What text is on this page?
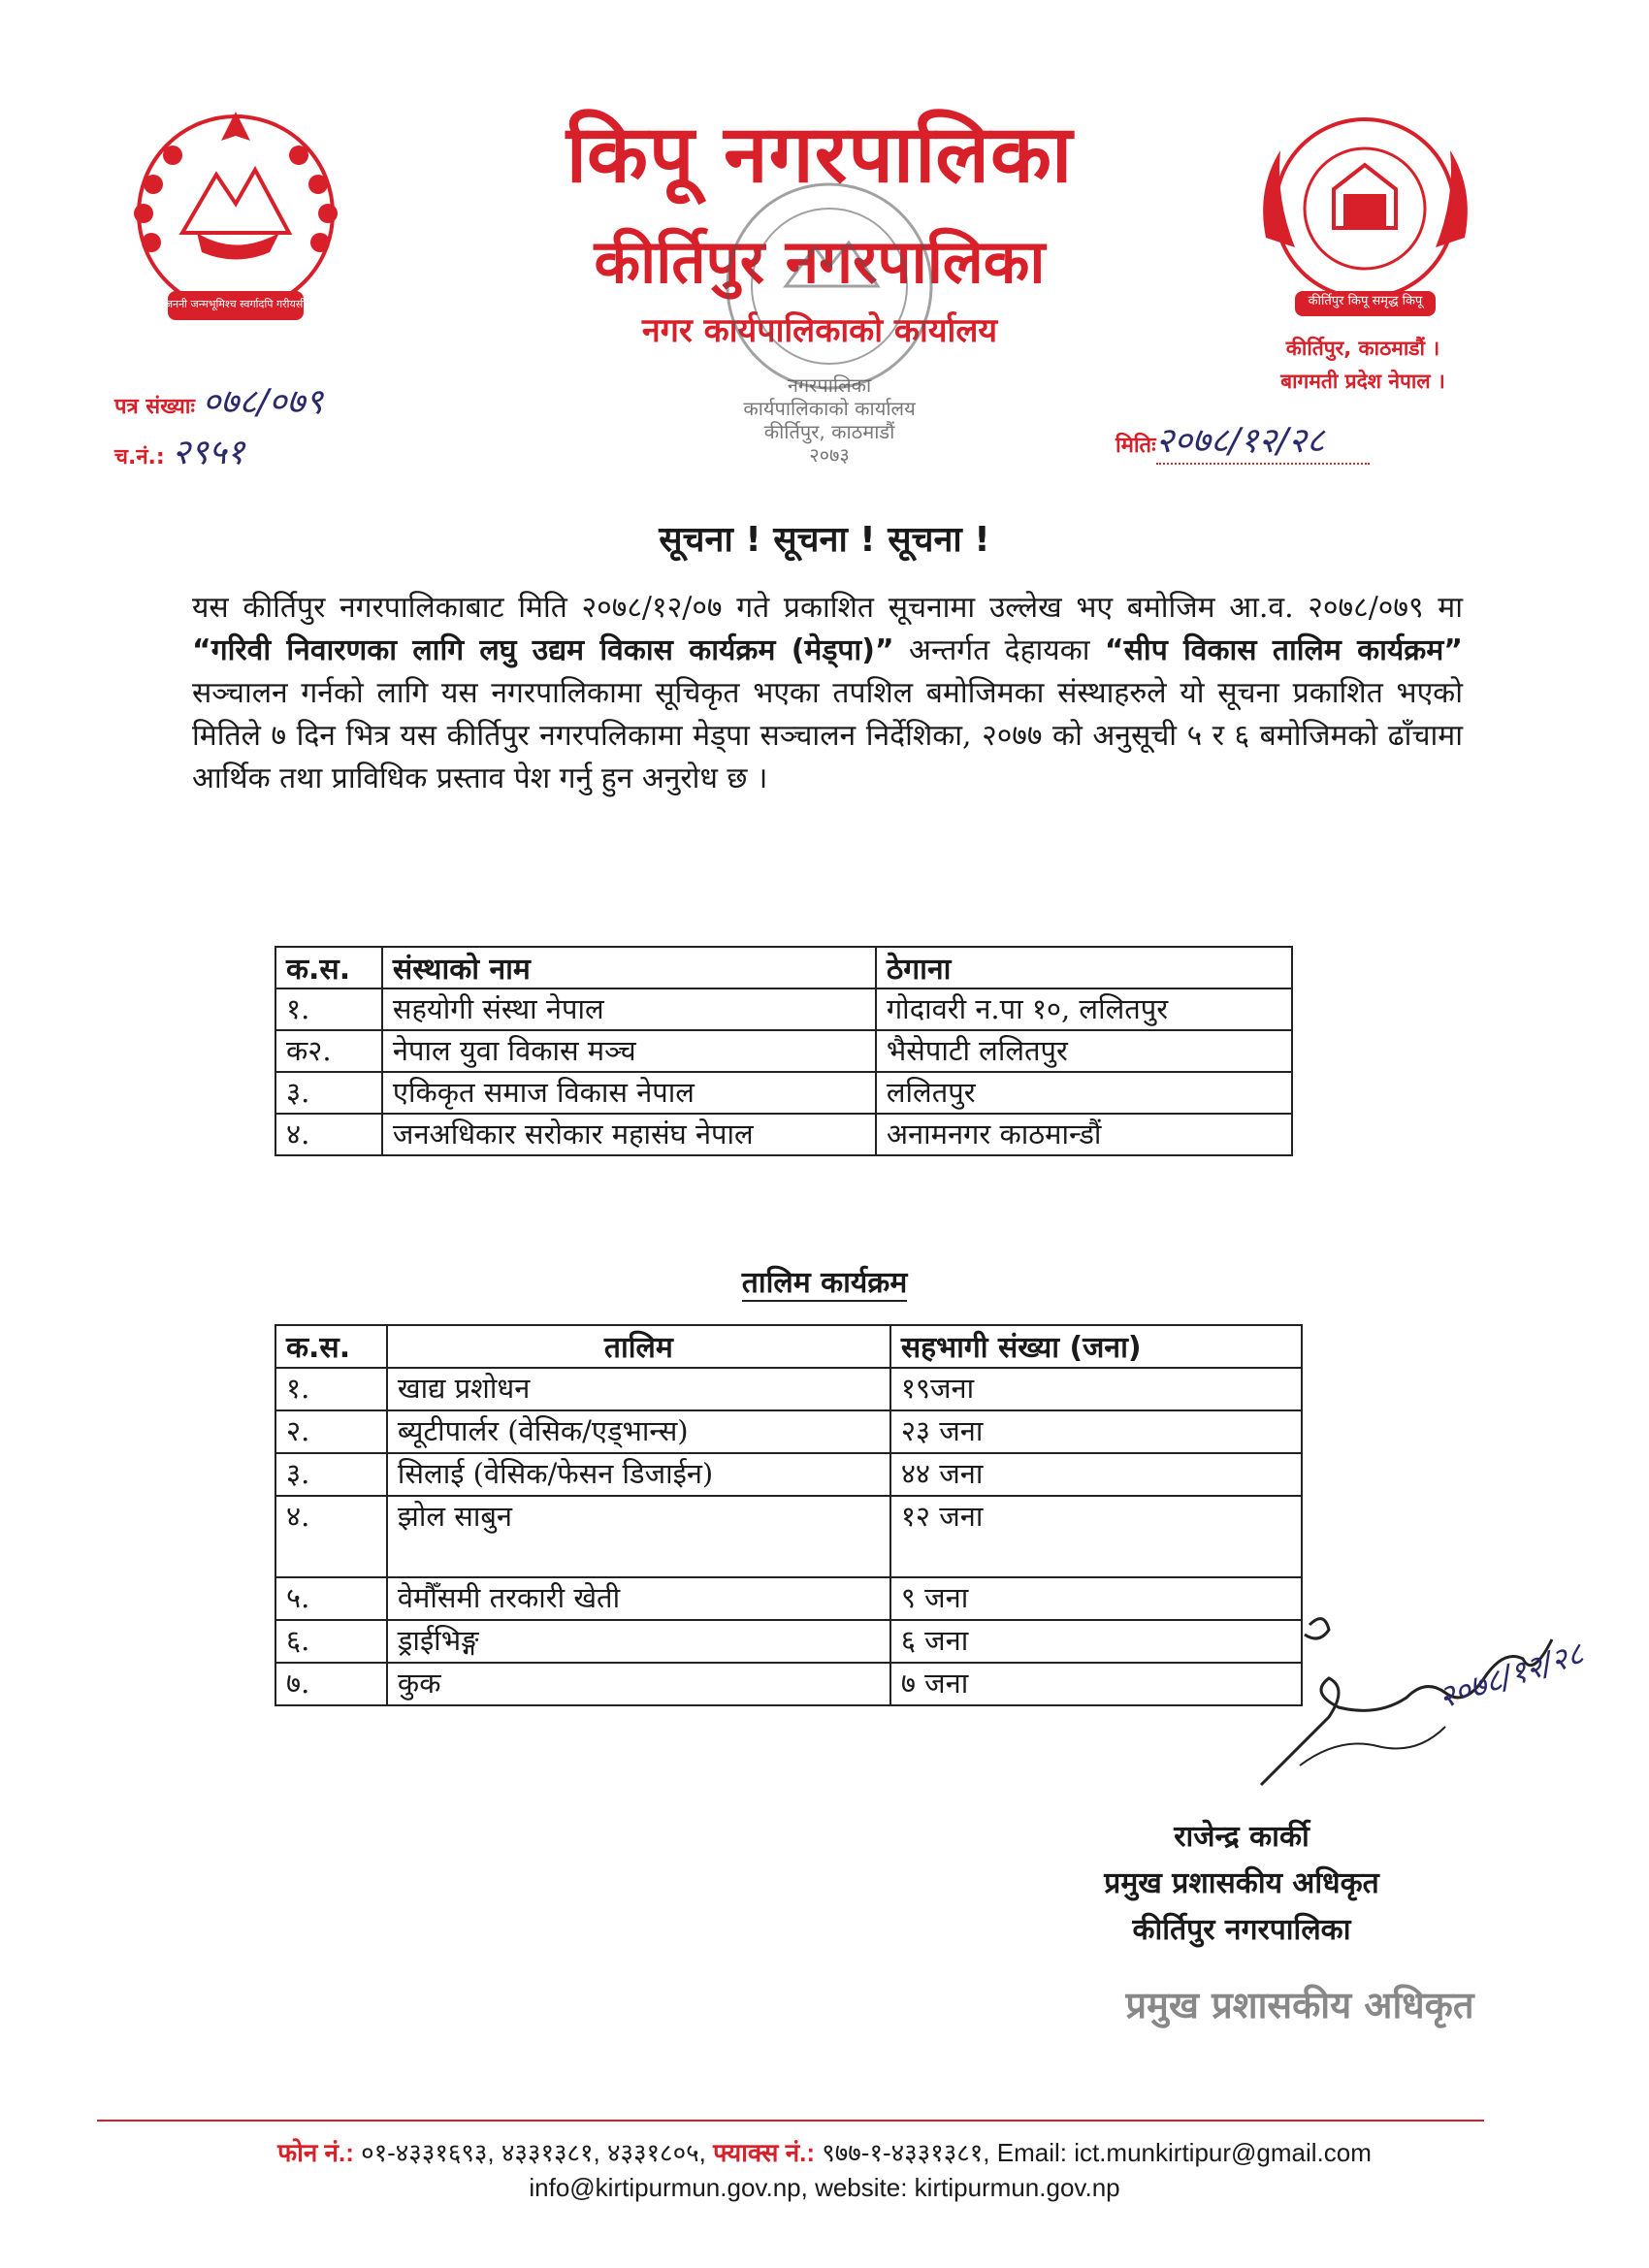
जननी जन्मभूमिश्च स्वर्गादपि गरीयसी
किपू नगरपालिका
कीर्तिपुर नगरपालिका
नगर कार्यपालिकाको कार्यालय
नगरपालिका
कार्यपालिकाको कार्यालय
कीर्तिपुर, काठमाडौं
२०७३
कीर्तिपुर किपू समृद्ध किपू
कीर्तिपुर, काठमाडौं ।
बागमती प्रदेश नेपाल ।
पत्र संख्याः ०७८/०७९
च.नं.: २९५१	मितिः२०७८/१२/२८
सूचना ! सूचना ! सूचना !
यस कीर्तिपुर नगरपालिकाबाट मिति २०७८/१२/०७ गते प्रकाशित सूचनामा उल्लेख भए बमोजिम आ.व. २०७८/०७९ मा “गरिवी निवारणका लागि लघु उद्यम विकास कार्यक्रम (मेड्पा)” अन्तर्गत देहायका “सीप विकास तालिम कार्यक्रम” सञ्चालन गर्नको लागि यस नगरपालिकामा सूचिकृत भएका तपशिल बमोजिमका संस्थाहरुले यो सूचना प्रकाशित भएको मितिले ७ दिन भित्र यस कीर्तिपुर नगरपलिकामा मेड्पा सञ्चालन निर्देशिका, २०७७ को अनुसूची ५ र ६ बमोजिमको ढाँचामा आर्थिक तथा प्राविधिक प्रस्ताव पेश गर्नु हुन अनुरोध छ ।
क.स.	संस्थाको नाम	ठेगाना
१.	सहयोगी संस्था नेपाल	गोदावरी न.पा १०, ललितपुर
क२.	नेपाल युवा विकास मञ्च	भैसेपाटी ललितपुर
३.	एकिकृत समाज विकास नेपाल	ललितपुर
४.	जनअधिकार सरोकार महासंघ नेपाल	अनामनगर काठमान्डौं
तालिम कार्यक्रम
क.स.	तालिम	सहभागी संख्या (जना)
१.	खाद्य प्रशोधन	१९जना
२.	ब्यूटीपार्लर (वेसिक/एड्भान्स)	२३ जना
३.	सिलाई (वेसिक/फेसन डिजाईन)	४४ जना
४.	झोल साबुन	१२ जना
५.	वेमौँसमी तरकारी खेती	९ जना
६.	ड्राईभिङ्ग	६ जना
७.	कुक	७ जना	२०७८/१२/२८
राजेन्द्र कार्की
प्रमुख प्रशासकीय अधिकृत
कीर्तिपुर नगरपालिका
प्रमुख प्रशासकीय अधिकृत
फोन नं.: ०१-४३३१६९३, ४३३१३८१, ४३३१८०५, फ्याक्स नं.: ९७७-१-४३३१३८१, Email: ict.munkirtipur@gmail.com
info@kirtipurmun.gov.np, website: kirtipurmun.gov.np
